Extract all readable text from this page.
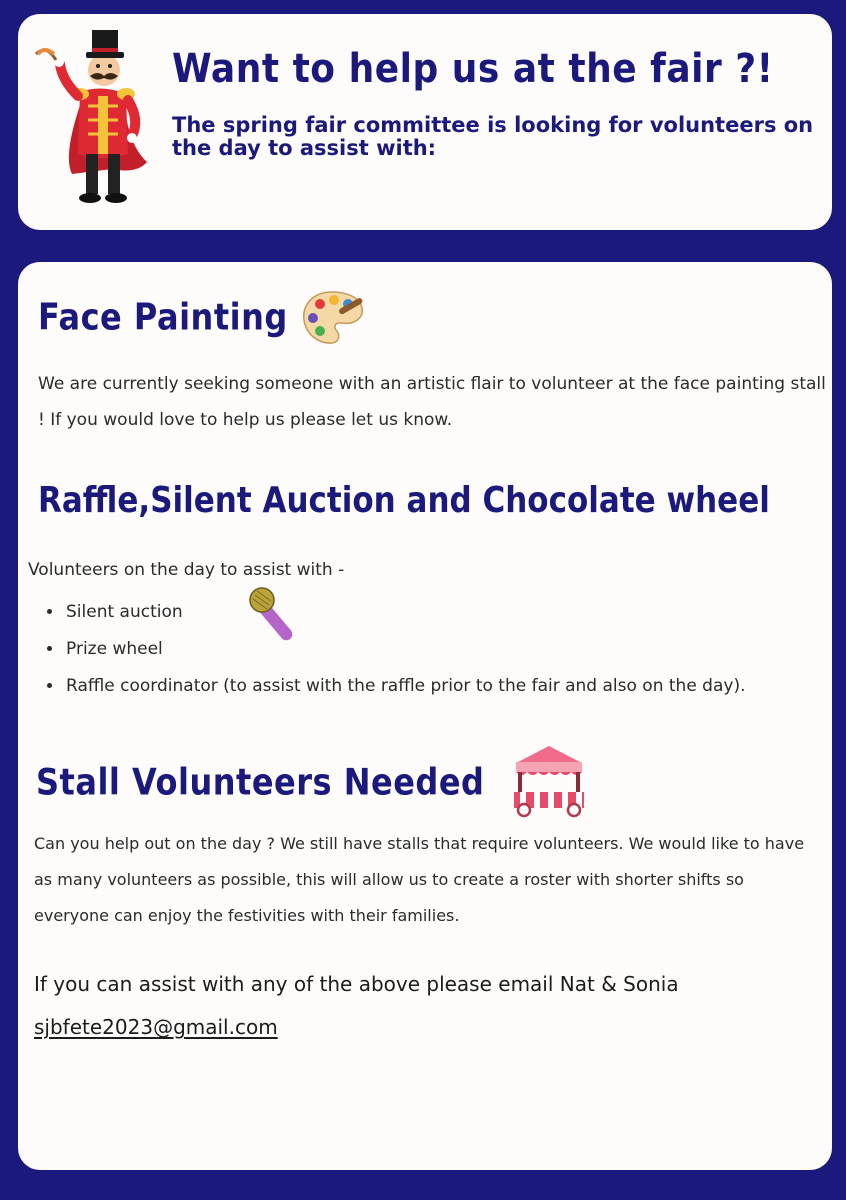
Want to help us at the fair ?!

The spring fair committee is looking for volunteers on the day to assist with:

Face Painting

We are currently seeking someone with an artistic flair to volunteer at the face painting stall ! If you would love to help us please let us know.

Raffle,Silent Auction and Chocolate wheel

Volunteers on the day to assist with -

• Silent auction
• Prize wheel
• Raffle coordinator (to assist with the raffle prior to the fair and also on the day).
Stall Volunteers Needed

Can you help out on the day ? We still have stalls that require volunteers. We would like to have as many volunteers as possible, this will allow us to create a roster with shorter shifts so everyone can enjoy the festivities with their families.

If you can assist with any of the above please email Nat & Sonia

sjbfete2023@gmail.com
